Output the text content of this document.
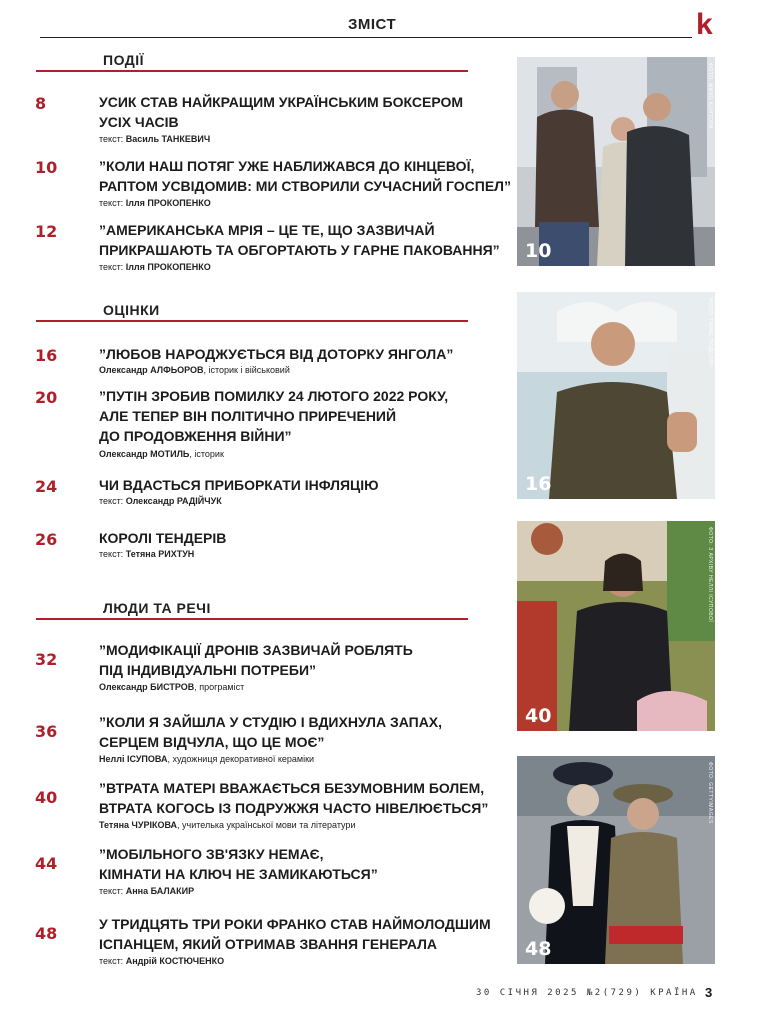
ЗМІСТ	k
ПОДІЇ
8	УСИК СТАВ НАЙКРАЩИМ УКРАЇНСЬКИМ БОКСЕРОМ
УСІХ ЧАСІВ
текст: Василь ТАНКЕВИЧ
10	”КОЛИ НАШ ПОТЯГ УЖЕ НАБЛИЖАВСЯ ДО КІНЦЕВОЇ,
РАПТОМ УСВІДОМИВ: МИ СТВОРИЛИ СУЧАСНИЙ ГОСПЕЛ”
текст: Ілля ПРОКОПЕНКО
12	”АМЕРИКАНСЬКА МРІЯ – ЦЕ ТЕ, ЩО ЗАЗВИЧАЙ
ПРИКРАШАЮТЬ ТА ОБГОРТАЮТЬ У ГАРНЕ ПАКОВАННЯ”
текст: Ілля ПРОКОПЕНКО
ОЦІНКИ
16	”ЛЮБОВ НАРОДЖУЄТЬСЯ ВІД ДОТОРКУ ЯНГОЛА”
Олександр АЛФЬОРОВ, історик і військовий
20	”ПУТІН ЗРОБИВ ПОМИЛКУ 24 ЛЮТОГО 2022 РОКУ,
АЛЕ ТЕПЕР ВІН ПОЛІТИЧНО ПРИРЕЧЕНИЙ
ДО ПРОДОВЖЕННЯ ВІЙНИ”
Олександр МОТИЛЬ, історик
24	ЧИ ВДАСТЬСЯ ПРИБОРКАТИ ІНФЛЯЦІЮ
текст: Олександр РАДІЙЧУК
26	КОРОЛІ ТЕНДЕРІВ
текст: Тетяна РИХТУН
ЛЮДИ ТА РЕЧІ
32	”МОДИФІКАЦІЇ ДРОНІВ ЗАЗВИЧАЙ РОБЛЯТЬ
ПІД ІНДИВІДУАЛЬНІ ПОТРЕБИ”
Олександр БИСТРОВ, програміст
36	”КОЛИ Я ЗАЙШЛА У СТУДІЮ І ВДИХНУЛА ЗАПАХ,
СЕРЦЕМ ВІДЧУЛА, ЩО ЦЕ МОЄ”
Неллі ІСУПОВА, художниця декоративної кераміки
40	”ВТРАТА МАТЕРІ ВВАЖАЄТЬСЯ БЕЗУМОВНИМ БОЛЕМ,
ВТРАТА КОГОСЬ ІЗ ПОДРУЖЖЯ ЧАСТО НІВЕЛЮЄТЬСЯ”
Тетяна ЧУРІКОВА, учителька української мови та літератури
44	”МОБІЛЬНОГО ЗВ'ЯЗКУ НЕМАЄ,
КІМНАТИ НА КЛЮЧ НЕ ЗАМИКАЮТЬСЯ”
текст: Анна БАЛАКИР
48	У ТРИДЦЯТЬ ТРИ РОКИ ФРАНКО СТАВ НАЙМОЛОДШИМ
ІСПАНЦЕМ, ЯКИЙ ОТРИМАВ ЗВАННЯ ГЕНЕРАЛА
текст: Андрій КОСТЮЧЕНКО
10
ФОТО: МИХО КОНТОРА
16
ФОТО: ТАРАС ПОДОЛЯН
40
ФОТО: З АРХІВУ НЕЛЛІ ІСУПОВОЇ
48
ФОТО: GETTYIMAGES
30 СІЧНЯ 2025 №2(729) КРАЇНА 3
